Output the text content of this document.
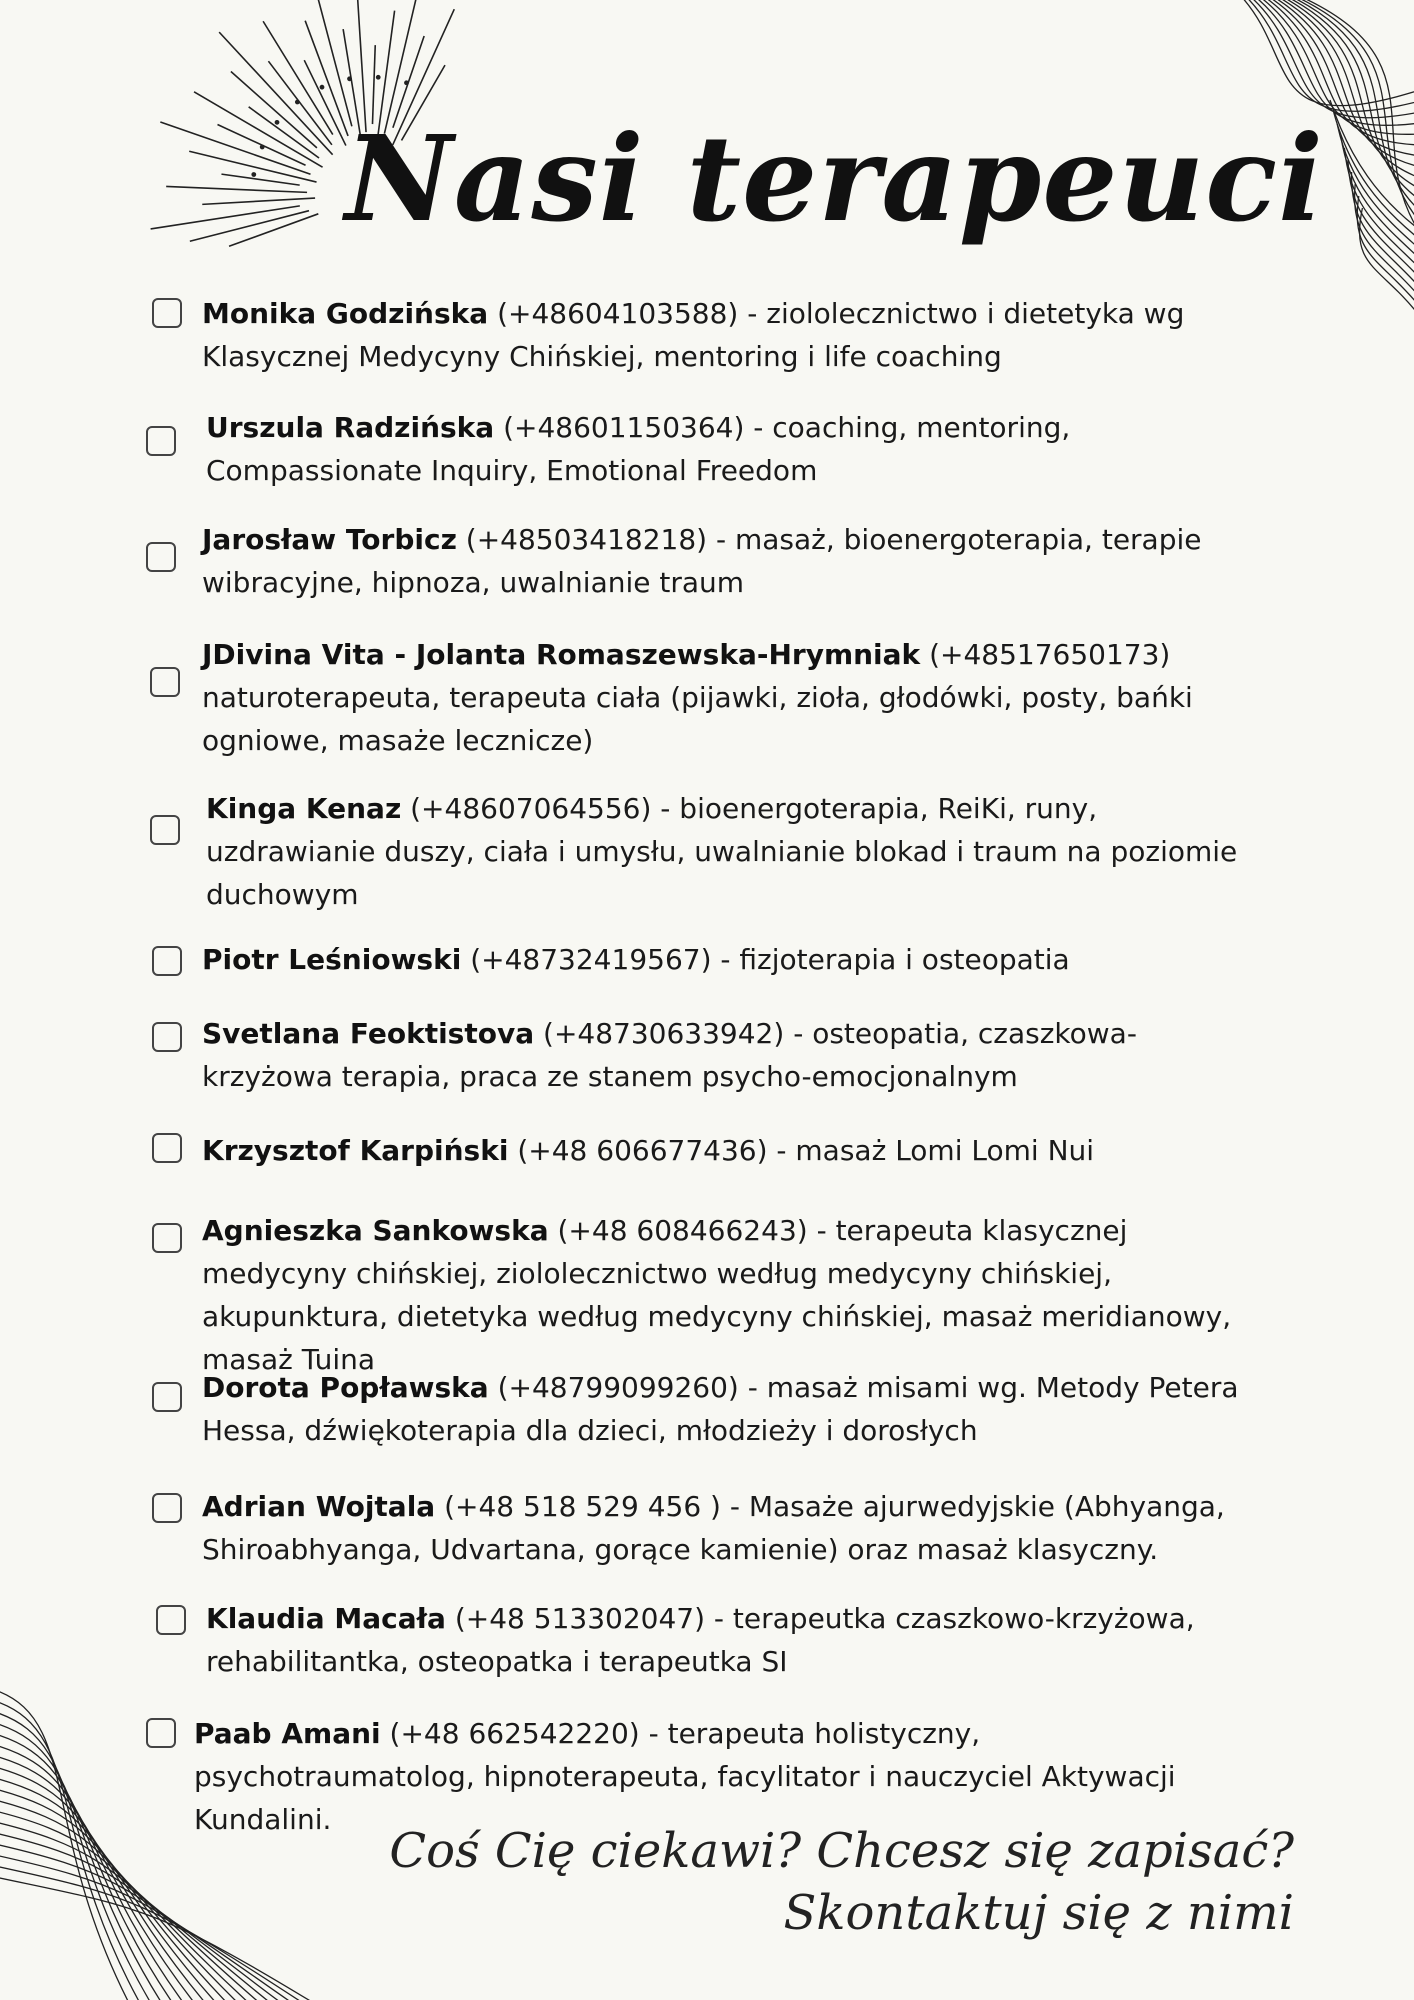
Nasi terapeuci
Monika Godzińska (+48604103588) - ziololecznictwo i dietetyka wg Klasycznej Medycyny Chińskiej, mentoring i life coaching
Urszula Radzińska (+48601150364) - coaching, mentoring, Compassionate Inquiry, Emotional Freedom
Jarosław Torbicz (+48503418218) - masaż, bioenergoterapia, terapie wibracyjne, hipnoza, uwalnianie traum
JDivina Vita - Jolanta Romaszewska-Hrymniak (+48517650173) naturoterapeuta, terapeuta ciała (pijawki, zioła, głodówki, posty, bańki ogniowe, masaże lecznicze)
Kinga Kenaz (+48607064556) - bioenergoterapia, ReiKi, runy, uzdrawianie duszy, ciała i umysłu, uwalnianie blokad i traum na poziomie duchowym
Piotr Leśniowski (+48732419567) - fizjoterapia i osteopatia
Svetlana Feoktistova (+48730633942) - osteopatia, czaszkowa-krzyżowa terapia, praca ze stanem psycho-emocjonalnym
Krzysztof Karpiński (+48 606677436) - masaż Lomi Lomi Nui
Agnieszka Sankowska (+48 608466243) - terapeuta klasycznej medycyny chińskiej, ziololecznictwo według medycyny chińskiej, akupunktura, dietetyka według medycyny chińskiej, masaż meridianowy, masaż Tuina
Dorota Popławska (+48799099260) - masaż misami wg. Metody Petera Hessa, dźwiękoterapia dla dzieci, młodzieży i dorosłych
Adrian Wojtala (+48 518 529 456 ) - Masaże ajurwedyjskie (Abhyanga, Shiroabhyanga, Udvartana, gorące kamienie) oraz masaż klasyczny.
Klaudia Macała (+48 513302047) - terapeutka czaszkowo-krzyżowa, rehabilitantka, osteopatka i terapeutka SI
Paab Amani (+48 662542220) - terapeuta holistyczny, psychotraumatolog, hipnoterapeuta, facylitator i nauczyciel Aktywacji Kundalini.
Coś Cię ciekawi? Chcesz się zapisać?
Skontaktuj się z nimi
